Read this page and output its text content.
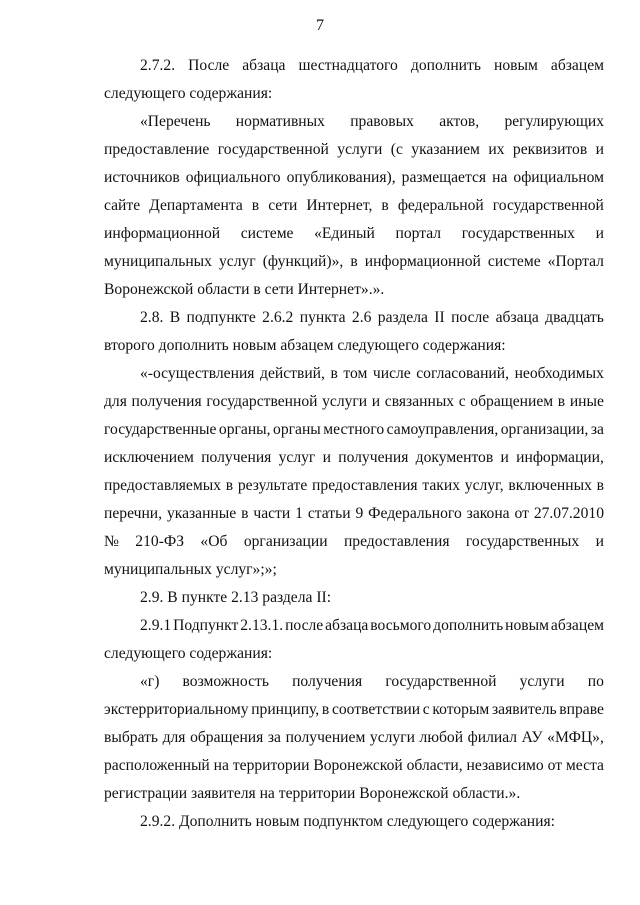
7
2.7.2. После абзаца шестнадцатого дополнить новым абзацем
следующего содержания:
«Перечень нормативных правовых актов, регулирующих
предоставление государственной услуги (с указанием их реквизитов и
источников официального опубликования), размещается на официальном
сайте Департамента в сети Интернет, в федеральной государственной
информационной системе «Единый портал государственных и
муниципальных услуг (функций)», в информационной системе «Портал
Воронежской области в сети Интернет».».
2.8. В подпункте 2.6.2 пункта 2.6 раздела II после абзаца двадцать
второго дополнить новым абзацем следующего содержания:
«-осуществления действий, в том числе согласований, необходимых
для получения государственной услуги и связанных с обращением в иные
государственные органы, органы местного самоуправления, организации, за
исключением получения услуг и получения документов и информации,
предоставляемых в результате предоставления таких услуг, включенных в
перечни, указанные в части 1 статьи 9 Федерального закона от 27.07.2010
№ 210-ФЗ «Об организации предоставления государственных и
муниципальных услуг»;»;
2.9. В пункте 2.13 раздела II:
2.9.1 Подпункт 2.13.1. после абзаца восьмого дополнить новым абзацем
следующего содержания:
«г) возможность получения государственной услуги по
экстерриториальному принципу, в соответствии с которым заявитель вправе
выбрать для обращения за получением услуги любой филиал АУ «МФЦ»,
расположенный на территории Воронежской области, независимо от места
регистрации заявителя на территории Воронежской области.».
2.9.2. Дополнить новым подпунктом следующего содержания:
